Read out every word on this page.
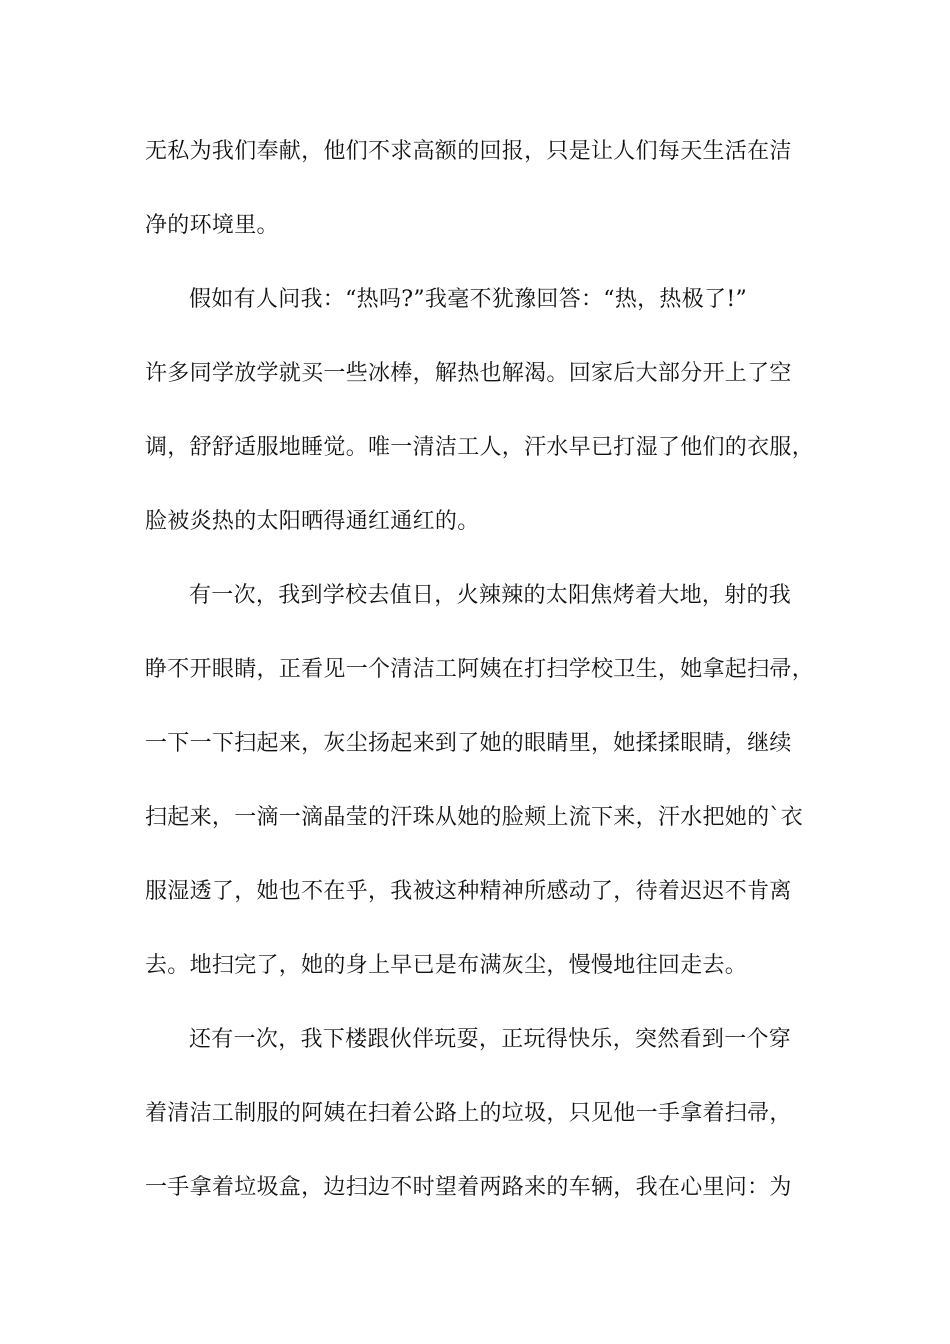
无私为我们奉献，他们不求高额的回报，只是让人们每天生活在洁

净的环境里。

假如有人问我：“热吗?”我毫不犹豫回答：“热，热极了!”

许多同学放学就买一些冰棒，解热也解渴。回家后大部分开上了空

调，舒舒适服地睡觉。唯一清洁工人，汗水早已打湿了他们的衣服，

脸被炎热的太阳晒得通红通红的。

有一次，我到学校去值日，火辣辣的太阳焦烤着大地，射的我

睁不开眼睛，正看见一个清洁工阿姨在打扫学校卫生，她拿起扫帚，

一下一下扫起来，灰尘扬起来到了她的眼睛里，她揉揉眼睛，继续

扫起来，一滴一滴晶莹的汗珠从她的脸颊上流下来，汗水把她的`衣

服湿透了，她也不在乎，我被这种精神所感动了，待着迟迟不肯离

去。地扫完了，她的身上早已是布满灰尘，慢慢地往回走去。

还有一次，我下楼跟伙伴玩耍，正玩得快乐，突然看到一个穿

着清洁工制服的阿姨在扫着公路上的垃圾，只见他一手拿着扫帚，

一手拿着垃圾盒，边扫边不时望着两路来的车辆，我在心里问：为
